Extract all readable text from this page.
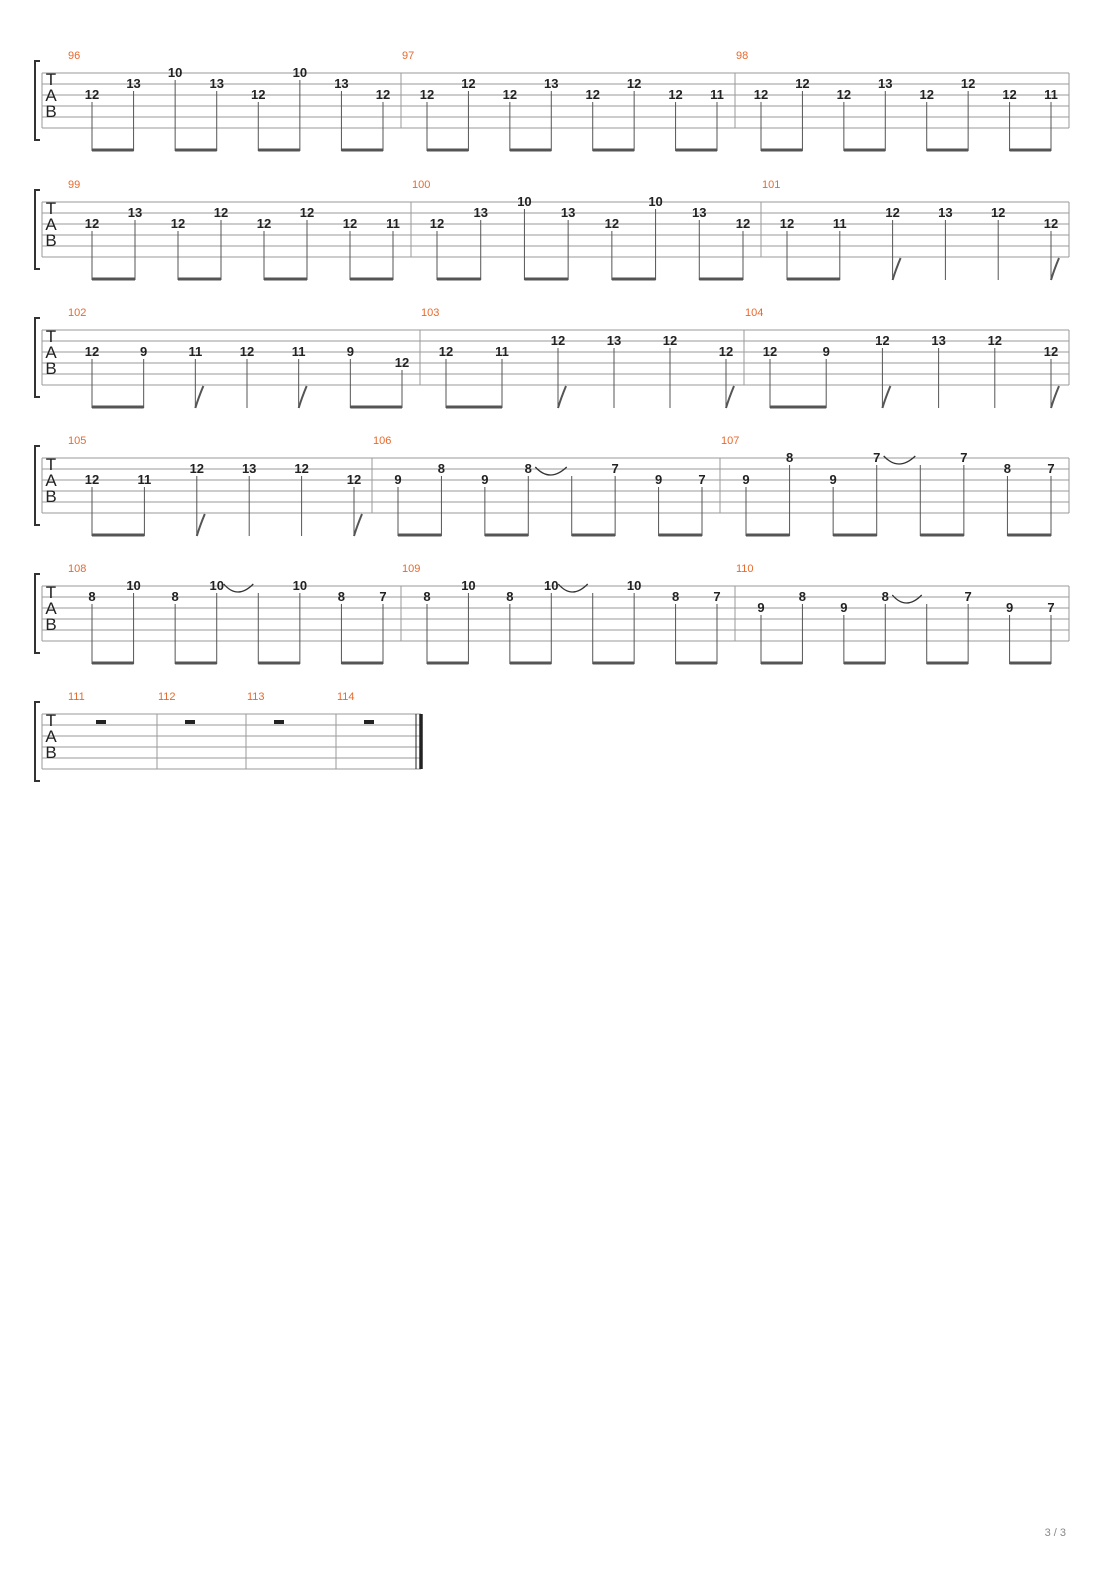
T
A
B
96
12
13
10
13
12
10
13
12
97
12
12
12
13
12
12
12 11
98
12
12
12
13
12
12
12 11
T
A
B
99
12
13
12
12
12
12
12 11
100
12
13
10
13
12
10
13
12
101
12	11
12	13	12
12
T
A
B
102
12	9	11	12	11	9
12
103
12	11
12	13	12
12
104
12	9
12	13	12
12
T
A
B
105
12	11
12	13	12
12
106
9
8
9
8	7
9	7
107
9
8
9
7	7
8	7
T
A
B
108
8
10
8
10	10
8	7
109
8
10
8
10	10
8	7
110
9
8
9
8	7
9	7
T
A
B
111	112	113	114
3 / 3
